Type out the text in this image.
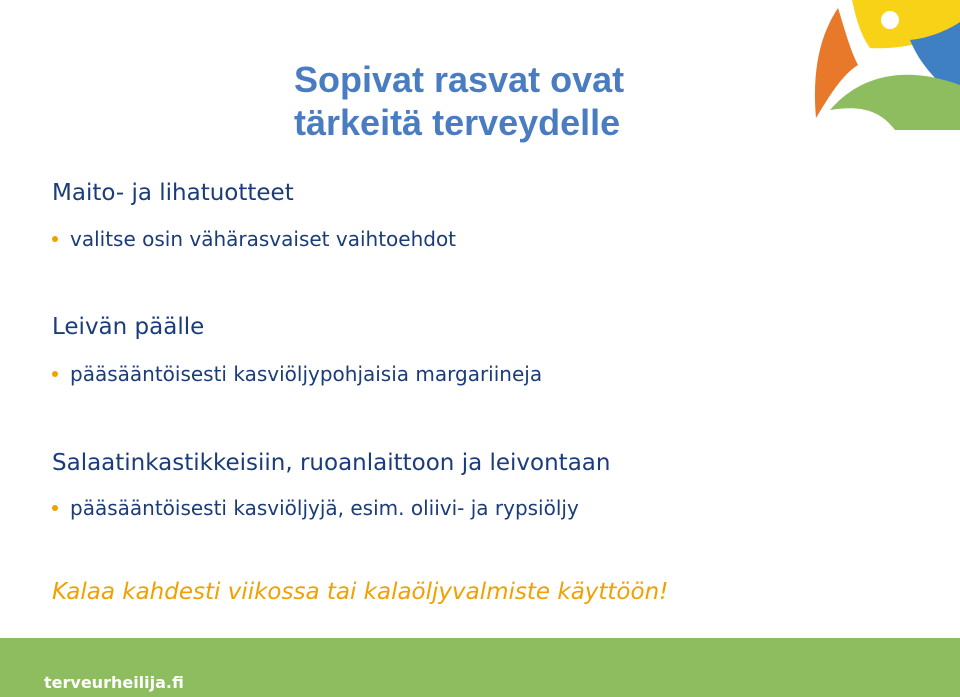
Sopivat rasvat ovat
tärkeitä terveydelle

Maito- ja lihatuotteet

valitse osin vähärasvaiset vaihtoehdot

Leivän päälle

pääsääntöisesti kasviöljypohjaisia margariineja

Salaatinkastikkeisiin, ruoanlaittoon ja leivontaan

pääsääntöisesti kasviöljyjä, esim. oliivi- ja rypsiöljy

Kalaa kahdesti viikossa tai kalaöljyvalmiste käyttöön!

terveurheilija.fi
